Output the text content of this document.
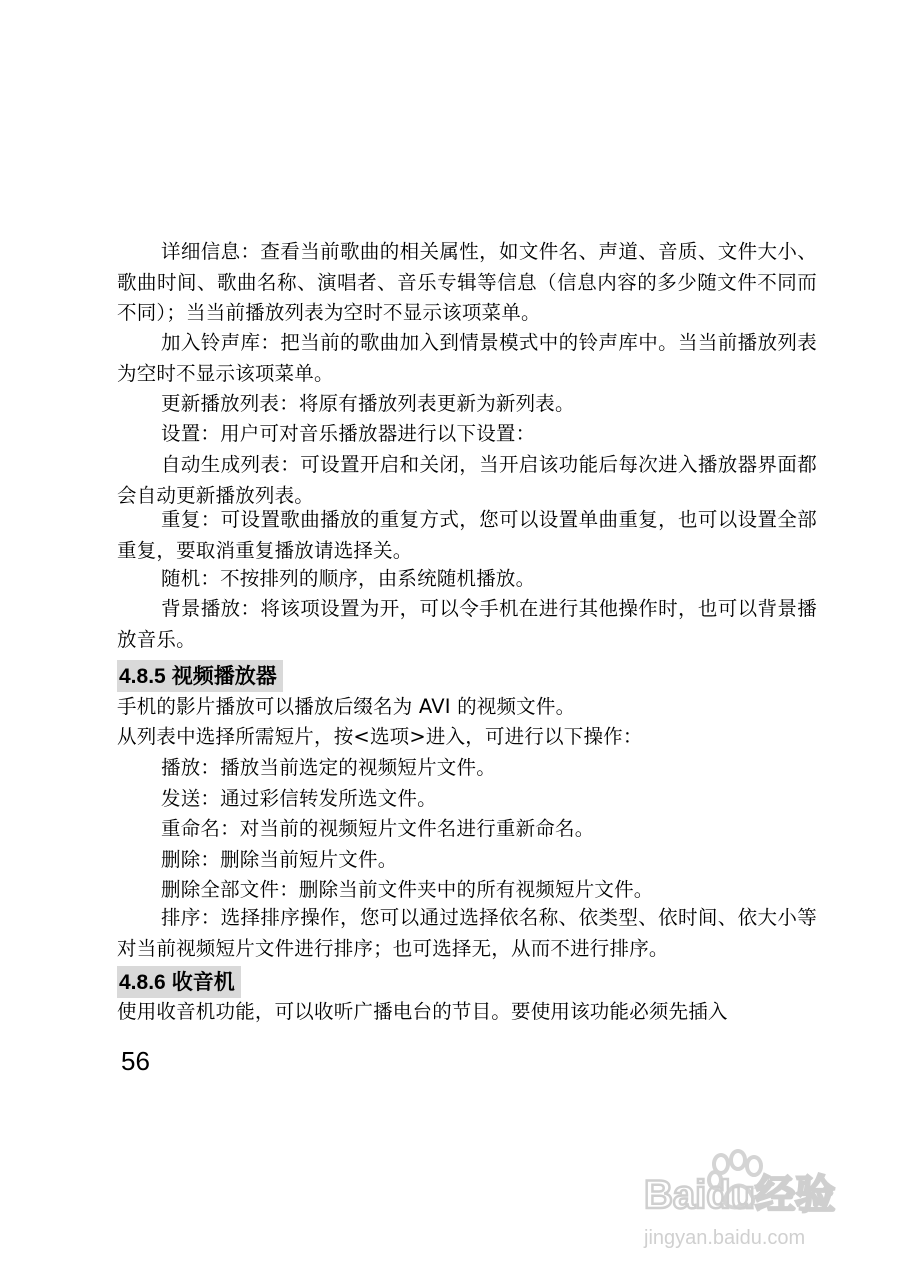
详细信息：查看当前歌曲的相关属性，如文件名、声道、音质、文件大小、歌曲时间、歌曲名称、演唱者、音乐专辑等信息（信息内容的多少随文件不同而不同）；当当前播放列表为空时不显示该项菜单。

加入铃声库：把当前的歌曲加入到情景模式中的铃声库中。当当前播放列表为空时不显示该项菜单。

更新播放列表：将原有播放列表更新为新列表。

设置：用户可对音乐播放器进行以下设置：

自动生成列表：可设置开启和关闭，当开启该功能后每次进入播放器界面都会自动更新播放列表。

重复：可设置歌曲播放的重复方式，您可以设置单曲重复，也可以设置全部重复，要取消重复播放请选择关。

随机：不按排列的顺序，由系统随机播放。

背景播放：将该项设置为开，可以令手机在进行其他操作时，也可以背景播放音乐。

4.8.5 视频播放器

手机的影片播放可以播放后缀名为 AVI 的视频文件。

从列表中选择所需短片，按<选项>进入，可进行以下操作：

播放：播放当前选定的视频短片文件。

发送：通过彩信转发所选文件。

重命名：对当前的视频短片文件名进行重新命名。

删除：删除当前短片文件。

删除全部文件：删除当前文件夹中的所有视频短片文件。

排序：选择排序操作，您可以通过选择依名称、依类型、依时间、依大小等对当前视频短片文件进行排序；也可选择无，从而不进行排序。

4.8.6 收音机

使用收音机功能，可以收听广播电台的节目。要使用该功能必须先插入

56
Baidu经验
jingyan.baidu.com
